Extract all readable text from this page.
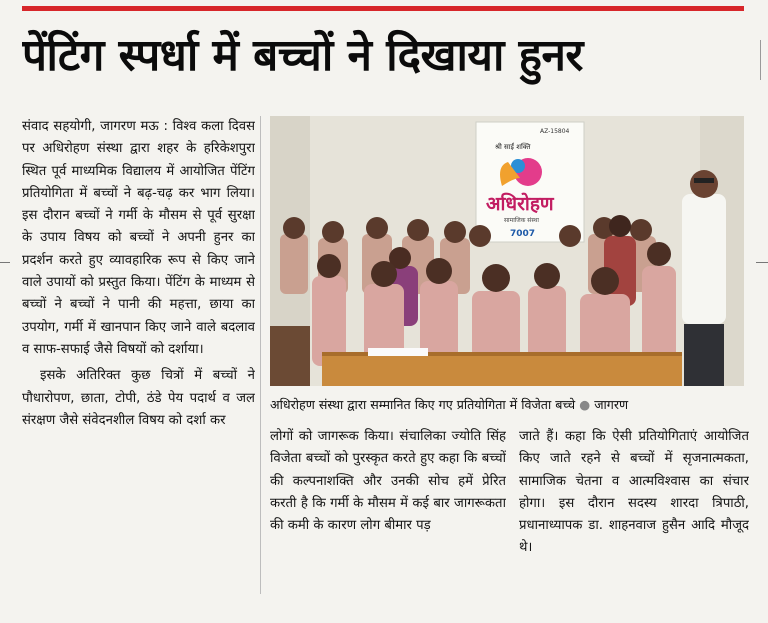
पेंटिंग स्पर्धा में बच्चों ने दिखाया हुनर

संवाद सहयोगी, जागरण मऊ : विश्व कला दिवस पर अधिरोहण संस्था द्वारा शहर के हरिकेशपुरा स्थित पूर्व माध्यमिक विद्यालय में आयोजित पेंटिंग प्रतियोगिता में बच्चों ने बढ़-चढ़ कर भाग लिया। इस दौरान बच्चों ने गर्मी के मौसम से पूर्व सुरक्षा के उपाय विषय को बच्चों ने अपनी हुनर का प्रदर्शन करते हुए व्यावहारिक रूप से किए जाने वाले उपायों को प्रस्तुत किया। पेंटिंग के माध्यम से बच्चों ने बच्चों ने पानी की महत्ता, छाया का उपयोग, गर्मी में खानपान किए जाने वाले बदलाव व साफ-सफाई जैसे विषयों को दर्शाया।

इसके अतिरिक्त कुछ चित्रों में बच्चों ने पौधारोपण, छाता, टोपी, ठंडे पेय पदार्थ व जल संरक्षण जैसे संवेदनशील विषय को दर्शा कर

AZ-15804
श्री साईं शक्ति
अधिरोहण
सामाजिक संस्था
7007
अधिरोहण संस्था द्वारा सम्मानित किए गए प्रतियोगिता में विजेता बच्चे ● जागरण

लोगों को जागरूक किया। संचालिका ज्योति सिंह विजेता बच्चों को पुरस्कृत करते हुए कहा कि बच्चों की कल्पनाशक्ति और उनकी सोच हमें प्रेरित करती है कि गर्मी के मौसम में कई बार जागरूकता की कमी के कारण लोग बीमार पड़

जाते हैं। कहा कि ऐसी प्रतियोगिताएं आयोजित किए जाते रहने से बच्चों में सृजनात्मकता, सामाजिक चेतना व आत्मविश्वास का संचार होगा। इस दौरान सदस्य शारदा त्रिपाठी, प्रधानाध्यापक डा. शाहनवाज हुसैन आदि मौजूद थे।
